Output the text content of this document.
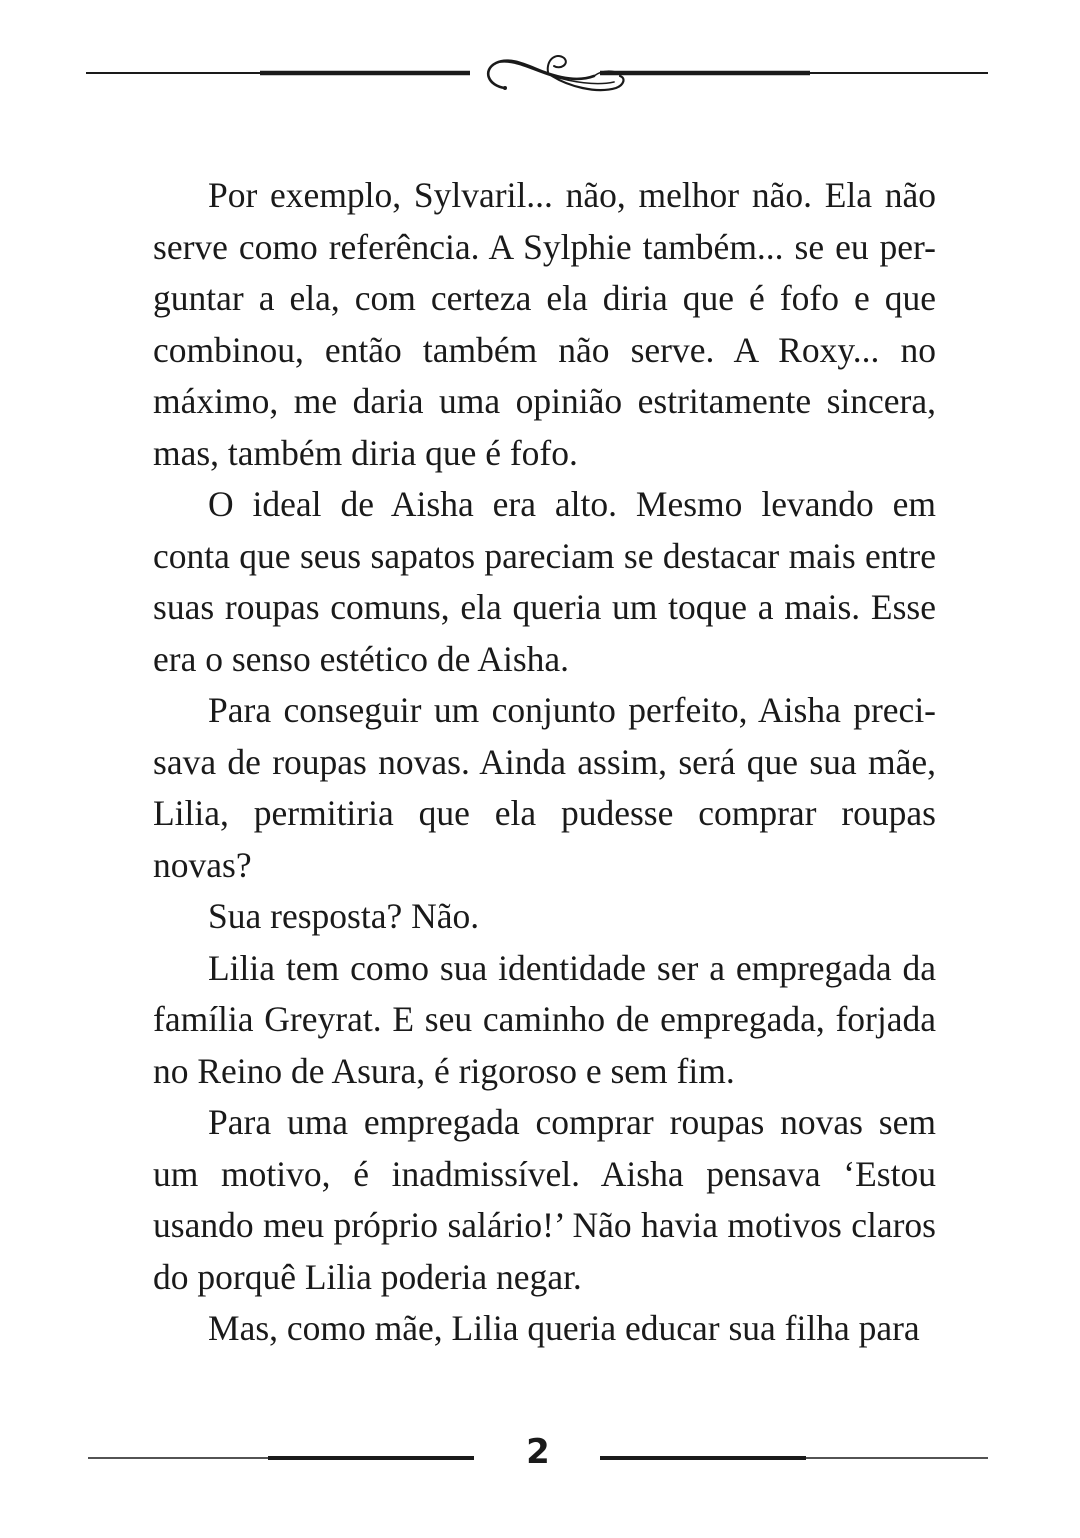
Por exemplo, Sylvaril... não, melhor não. Ela não serve como referência. A Sylphie também... se eu per-guntar a ela, com certeza ela diria que é fofo e que combinou, então também não serve. A Roxy... no máximo, me daria uma opinião estritamente sincera, mas, também diria que é fofo.

O ideal de Aisha era alto. Mesmo levando em conta que seus sapatos pareciam se destacar mais entre suas roupas comuns, ela queria um toque a mais. Esse era o senso estético de Aisha.

Para conseguir um conjunto perfeito, Aisha preci-sava de roupas novas. Ainda assim, será que sua mãe, Lilia, permitiria que ela pudesse comprar roupas novas?

Sua resposta? Não.

Lilia tem como sua identidade ser a empregada da família Greyrat. E seu caminho de empregada, forjada no Reino de Asura, é rigoroso e sem fim.

Para uma empregada comprar roupas novas sem um motivo, é inadmissível. Aisha pensava ‘Estou usando meu próprio salário!’ Não havia motivos claros do porquê Lilia poderia negar.

Mas, como mãe, Lilia queria educar sua filha para

2
